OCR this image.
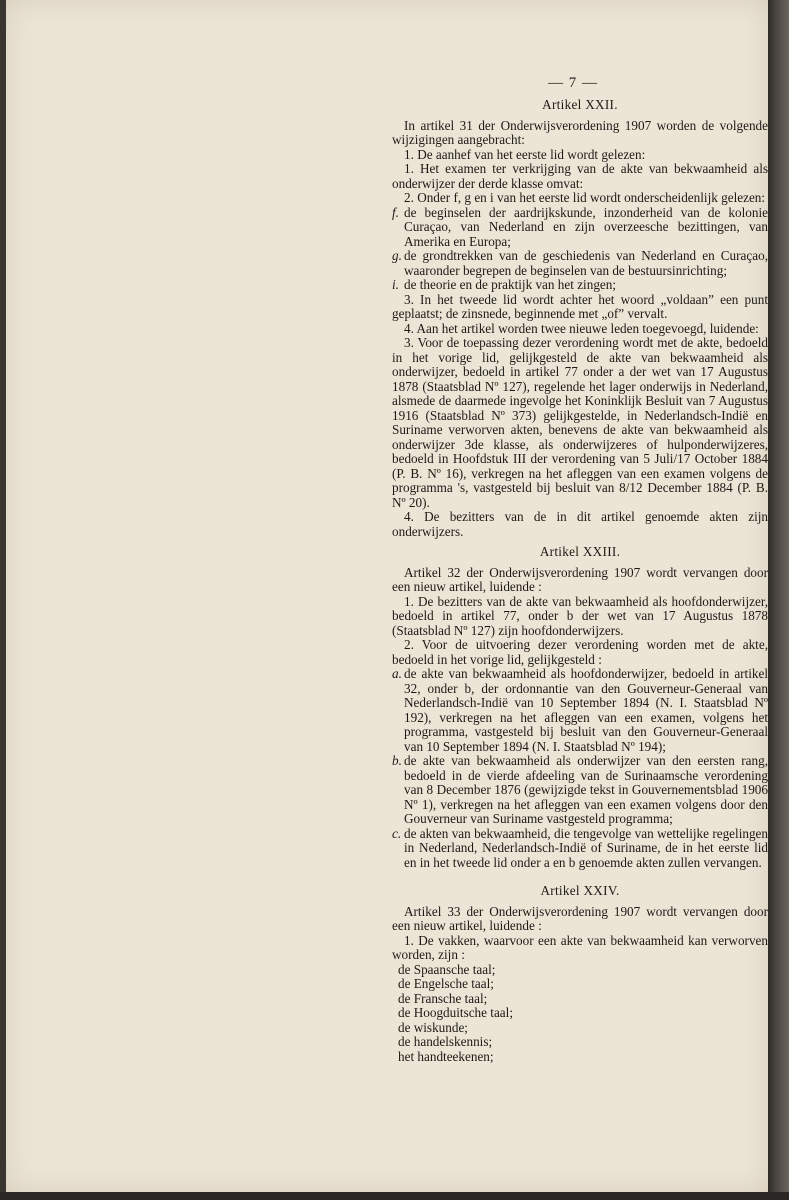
— 7 —
Artikel XXII.

In artikel 31 der Onderwijsverordening 1907 worden de volgende wijzigingen aangebracht:

1. De aanhef van het eerste lid wordt gelezen:

1. Het examen ter verkrijging van de akte van bekwaamheid als onderwijzer der derde klasse omvat:

2. Onder f, g en i van het eerste lid wordt onderscheidenlijk gelezen:

f. de beginselen der aardrijkskunde, inzonderheid van de kolonie Curaçao, van Nederland en zijn overzeesche bezittingen, van Amerika en Europa;
g. de grondtrekken van de geschiedenis van Nederland en Curaçao, waaronder begrepen de beginselen van de bestuursinrichting;
i. de theorie en de praktijk van het zingen;

3. In het tweede lid wordt achter het woord „voldaan” een punt geplaatst; de zinsnede, beginnende met „of” vervalt.

4. Aan het artikel worden twee nieuwe leden toegevoegd, luidende:

3. Voor de toepassing dezer verordening wordt met de akte, bedoeld in het vorige lid, gelijkgesteld de akte van bekwaamheid als onderwijzer, bedoeld in artikel 77 onder a der wet van 17 Augustus 1878 (Staatsblad Nº 127), regelende het lager onderwijs in Nederland, alsmede de daarmede ingevolge het Koninklijk Besluit van 7 Augustus 1916 (Staatsblad Nº 373) gelijkgestelde, in Nederlandsch-Indië en Suriname verworven akten, benevens de akte van bekwaamheid als onderwijzer 3de klasse, als onderwijzeres of hulponderwijzeres, bedoeld in Hoofdstuk III der verordening van 5 Juli/17 October 1884 (P. B. Nº 16), verkregen na het afleggen van een examen volgens de programma 's, vastgesteld bij besluit van 8/12 December 1884 (P. B. Nº 20).

4. De bezitters van de in dit artikel genoemde akten zijn onderwijzers.

Artikel XXIII.

Artikel 32 der Onderwijsverordening 1907 wordt vervangen door een nieuw artikel, luidende :

1. De bezitters van de akte van bekwaamheid als hoofdonderwijzer, bedoeld in artikel 77, onder b der wet van 17 Augustus 1878 (Staatsblad Nº 127) zijn hoofdonderwijzers.

2. Voor de uitvoering dezer verordening worden met de akte, bedoeld in het vorige lid, gelijkgesteld :

a. de akte van bekwaamheid als hoofdonderwijzer, bedoeld in artikel 32, onder b, der ordonnantie van den Gouverneur-Generaal van Nederlandsch-Indië van 10 September 1894 (N. I. Staatsblad Nº 192), verkregen na het afleggen van een examen, volgens het programma, vastgesteld bij besluit van den Gouverneur-Generaal van 10 September 1894 (N. I. Staatsblad Nº 194);
b. de akte van bekwaamheid als onderwijzer van den eersten rang, bedoeld in de vierde afdeeling van de Surinaamsche verordening van 8 December 1876 (gewijzigde tekst in Gouvernementsblad 1906 Nº 1), verkregen na het afleggen van een examen volgens door den Gouverneur van Suriname vastgesteld programma;
c. de akten van bekwaamheid, die tengevolge van wettelijke regelingen in Nederland, Nederlandsch-Indië of Suriname, de in het eerste lid en in het tweede lid onder a en b genoemde akten zullen vervangen.
Artikel XXIV.

Artikel 33 der Onderwijsverordening 1907 wordt vervangen door een nieuw artikel, luidende :

1. De vakken, waarvoor een akte van bekwaamheid kan verworven worden, zijn :

de Spaansche taal;
de Engelsche taal;
de Fransche taal;
de Hoogduitsche taal;
de wiskunde;
de handelskennis;
het handteekenen;
